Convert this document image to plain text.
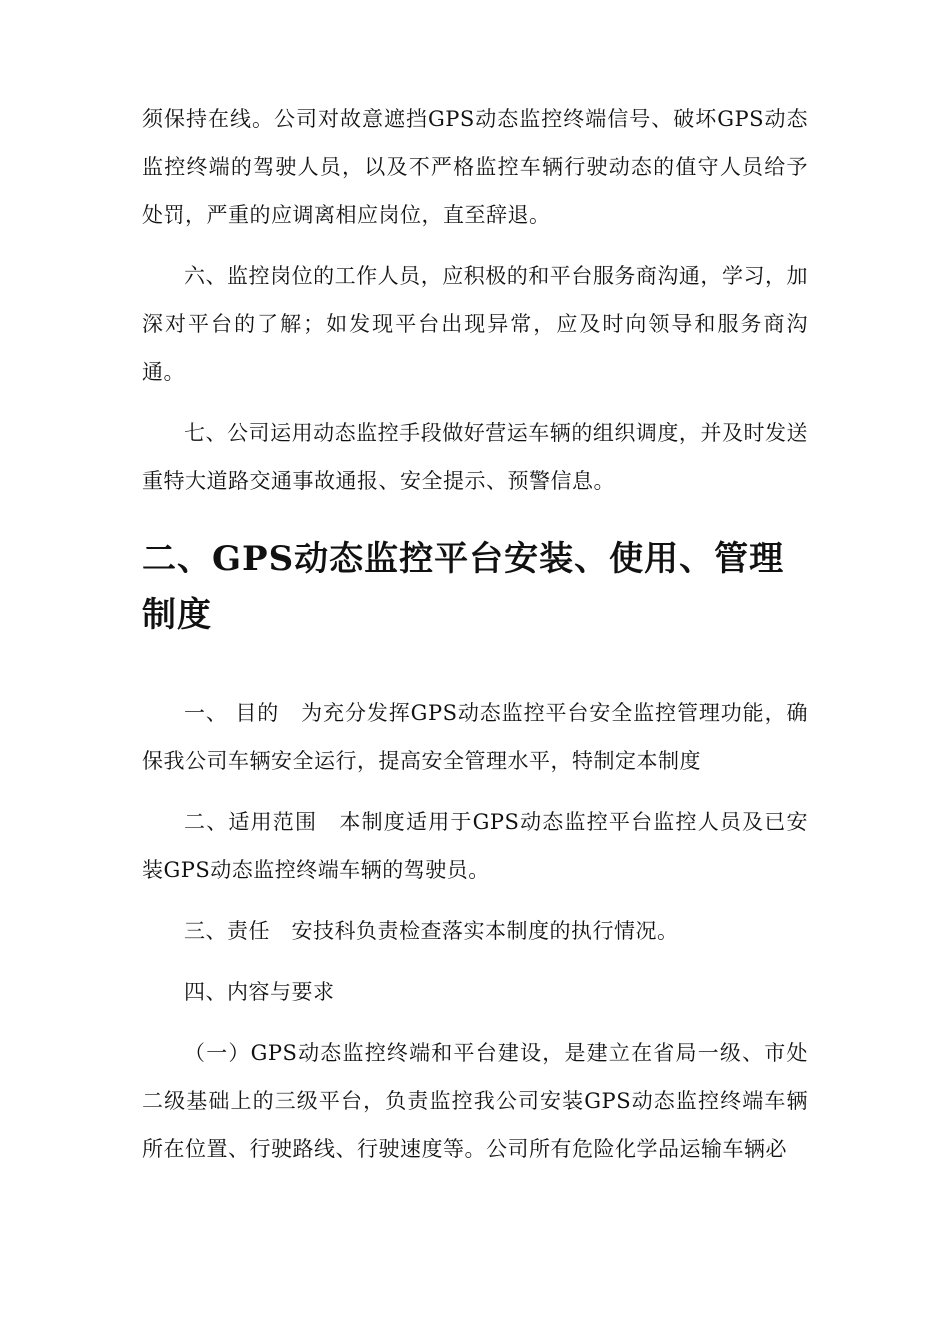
须保持在线。公司对故意遮挡GPS动态监控终端信号、破坏GPS动态监控终端的驾驶人员，以及不严格监控车辆行驶动态的值守人员给予处罚，严重的应调离相应岗位，直至辞退。

六、监控岗位的工作人员，应积极的和平台服务商沟通，学习，加深对平台的了解；如发现平台出现异常，应及时向领导和服务商沟通。

七、公司运用动态监控手段做好营运车辆的组织调度，并及时发送重特大道路交通事故通报、安全提示、预警信息。

二、GPS动态监控平台安装、使用、管理制度

一、 目的　为充分发挥GPS动态监控平台安全监控管理功能，确保我公司车辆安全运行，提高安全管理水平，特制定本制度

二、适用范围　本制度适用于GPS动态监控平台监控人员及已安装GPS动态监控终端车辆的驾驶员。

三、责任　安技科负责检查落实本制度的执行情况。

四、内容与要求

（一）GPS动态监控终端和平台建设，是建立在省局一级、市处二级基础上的三级平台，负责监控我公司安装GPS动态监控终端车辆所在位置、行驶路线、行驶速度等。公司所有危险化学品运输车辆必
